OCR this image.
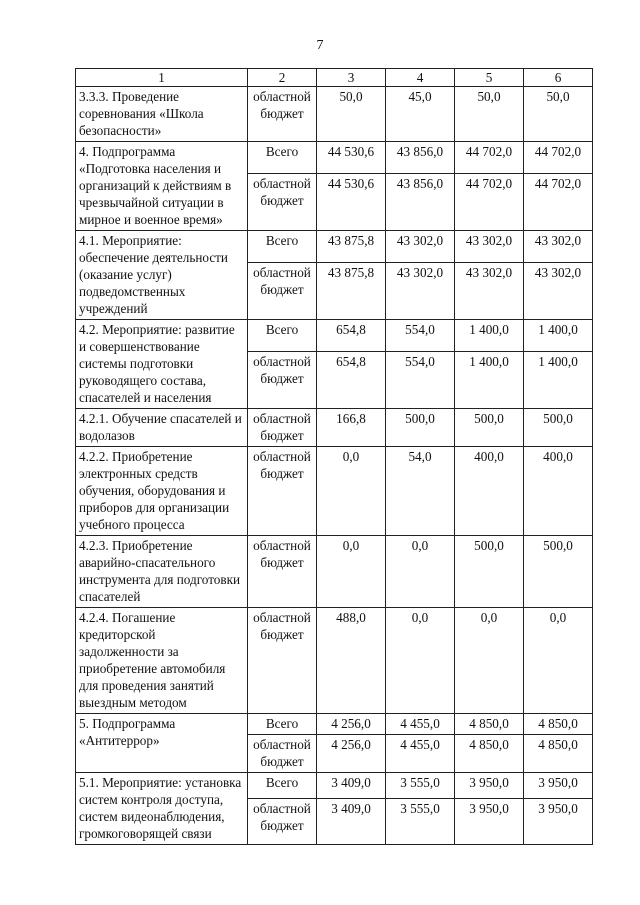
7
1	2	3	4	5	6
3.3.3. Проведение соревнования «Школа безопасности»	областной бюджет	50,0	45,0	50,0	50,0
4. Подпрограмма «Подготовка населения и организаций к действиям в чрезвычайной ситуации в мирное и военное время»	Всего	44 530,6	43 856,0	44 702,0	44 702,0
	областной бюджет	44 530,6	43 856,0	44 702,0	44 702,0
4.1. Мероприятие: обеспечение деятельности (оказание услуг) подведомственных учреждений	Всего	43 875,8	43 302,0	43 302,0	43 302,0
	областной бюджет	43 875,8	43 302,0	43 302,0	43 302,0
4.2. Мероприятие: развитие и совершенствование системы подготовки руководящего состава, спасателей и населения	Всего	654,8	554,0	1 400,0	1 400,0
	областной бюджет	654,8	554,0	1 400,0	1 400,0
4.2.1. Обучение спасателей и водолазов	областной бюджет	166,8	500,0	500,0	500,0
4.2.2. Приобретение электронных средств обучения, оборудования и приборов для организации учебного процесса	областной бюджет	0,0	54,0	400,0	400,0
4.2.3. Приобретение аварийно-спасательного инструмента для подготовки спасателей	областной бюджет	0,0	0,0	500,0	500,0
4.2.4. Погашение кредиторской задолженности за приобретение автомобиля для проведения занятий выездным методом	областной бюджет	488,0	0,0	0,0	0,0
5. Подпрограмма «Антитеррор»	Всего	4 256,0	4 455,0	4 850,0	4 850,0
	областной бюджет	4 256,0	4 455,0	4 850,0	4 850,0
5.1. Мероприятие: установка систем контроля доступа, систем видеонаблюдения, громкоговорящей связи	Всего	3 409,0	3 555,0	3 950,0	3 950,0
	областной бюджет	3 409,0	3 555,0	3 950,0	3 950,0
